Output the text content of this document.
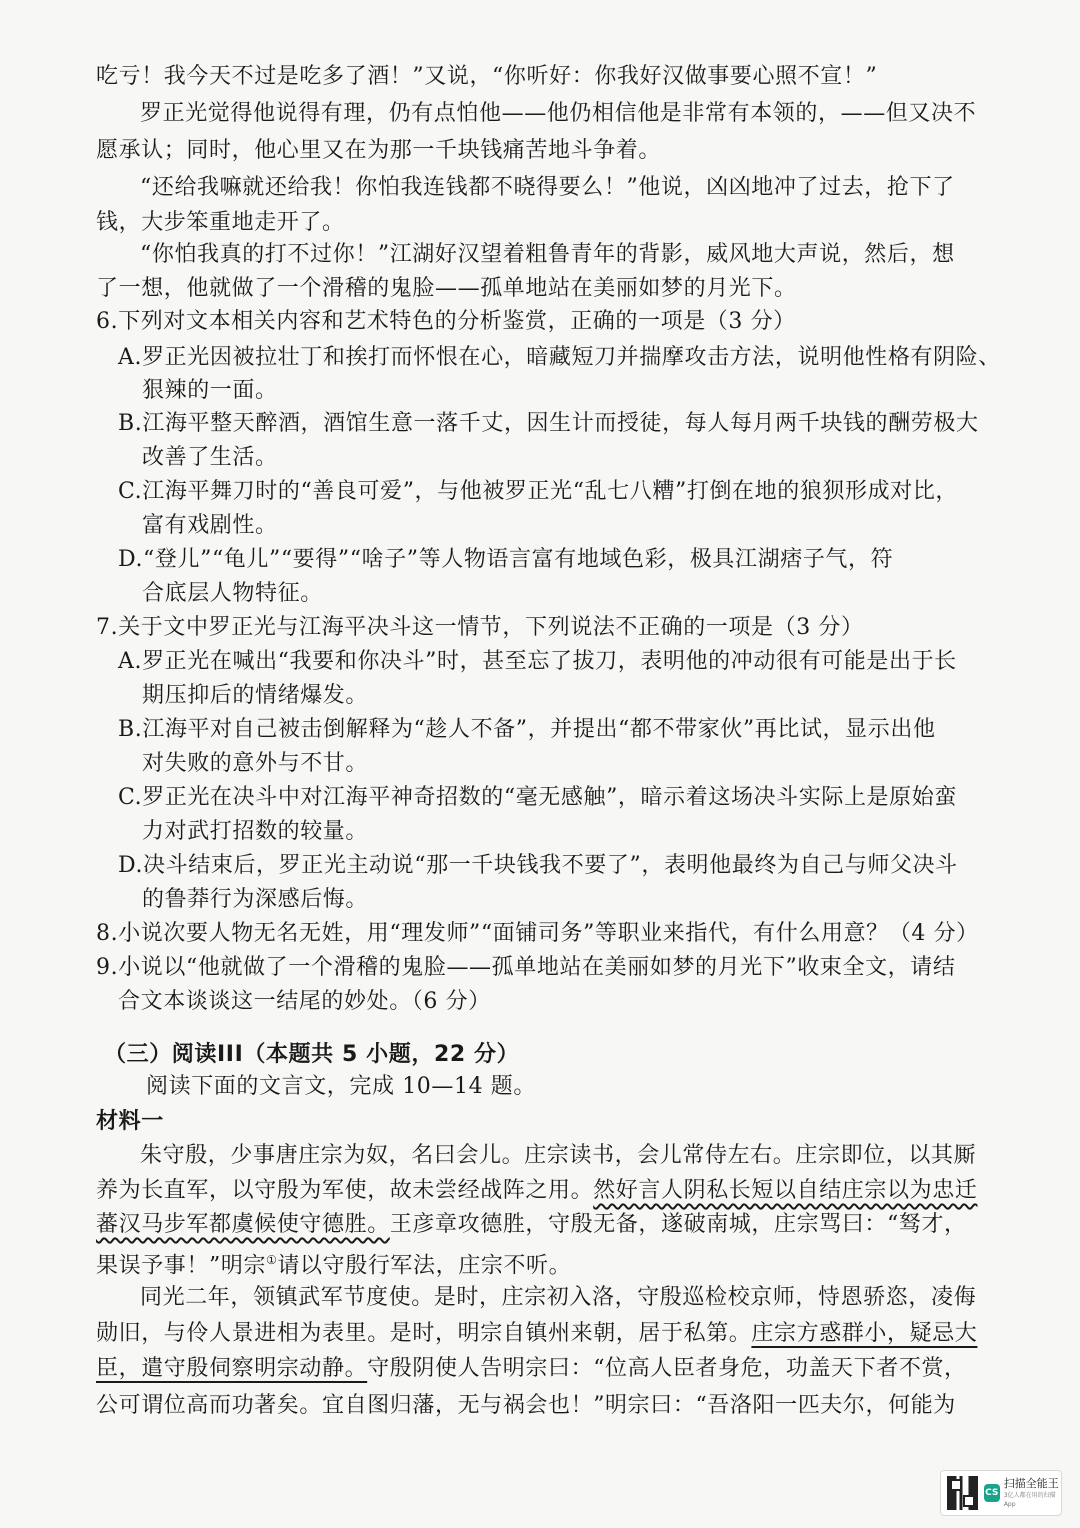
吃亏！我今天不过是吃多了酒！”又说，“你听好：你我好汉做事要心照不宣！”
罗正光觉得他说得有理，仍有点怕他——他仍相信他是非常有本领的，——但又决不
愿承认；同时，他心里又在为那一千块钱痛苦地斗争着。
“还给我嘛就还给我！你怕我连钱都不晓得要么！”他说，凶凶地冲了过去，抢下了
钱，大步笨重地走开了。
“你怕我真的打不过你！”江湖好汉望着粗鲁青年的背影，威风地大声说，然后，想
了一想，他就做了一个滑稽的鬼脸——孤单地站在美丽如梦的月光下。
6.下列对文本相关内容和艺术特色的分析鉴赏，正确的一项是（3 分）
A.罗正光因被拉壮丁和挨打而怀恨在心，暗藏短刀并揣摩攻击方法，说明他性格有阴险、
狠辣的一面。
B.江海平整天醉酒，酒馆生意一落千丈，因生计而授徒，每人每月两千块钱的酬劳极大
改善了生活。
C.江海平舞刀时的“善良可爱”，与他被罗正光“乱七八糟”打倒在地的狼狈形成对比，
富有戏剧性。
D.“登儿”“龟儿”“要得”“啥子”等人物语言富有地域色彩，极具江湖痞子气，符
合底层人物特征。
7.关于文中罗正光与江海平决斗这一情节，下列说法不正确的一项是（3 分）
A.罗正光在喊出“我要和你决斗”时，甚至忘了拔刀，表明他的冲动很有可能是出于长
期压抑后的情绪爆发。
B.江海平对自己被击倒解释为“趁人不备”，并提出“都不带家伙”再比试，显示出他
对失败的意外与不甘。
C.罗正光在决斗中对江海平神奇招数的“毫无感触”，暗示着这场决斗实际上是原始蛮
力对武打招数的较量。
D.决斗结束后，罗正光主动说“那一千块钱我不要了”，表明他最终为自己与师父决斗
的鲁莽行为深感后悔。
8.小说次要人物无名无姓，用“理发师”“面铺司务”等职业来指代，有什么用意？（4 分）
9.小说以“他就做了一个滑稽的鬼脸——孤单地站在美丽如梦的月光下”收束全文，请结
合文本谈谈这一结尾的妙处。（6 分）
（三）阅读III（本题共 5 小题，22 分）
阅读下面的文言文，完成 10—14 题。
材料一
朱守殷，少事唐庄宗为奴，名曰会儿。庄宗读书，会儿常侍左右。庄宗即位，以其厮
养为长直军，以守殷为军使，故未尝经战阵之用。然好言人阴私长短以自结庄宗以为忠迁
蕃汉马步军都虞候使守德胜。王彦章攻德胜，守殷无备，遂破南城，庄宗骂曰：“驽才，
果误予事！”明宗①请以守殷行军法，庄宗不听。
同光二年，领镇武军节度使。是时，庄宗初入洛，守殷巡检校京师，恃恩骄恣，凌侮
勋旧，与伶人景进相为表里。是时，明宗自镇州来朝，居于私第。庄宗方惑群小，疑忌大
臣，遣守殷伺察明宗动静。守殷阴使人告明宗曰：“位高人臣者身危，功盖天下者不赏，
公可谓位高而功著矣。宜自图归藩，无与祸会也！”明宗曰：“吾洛阳一匹夫尔，何能为
CS
扫描全能王
3亿人都在用的扫描App
